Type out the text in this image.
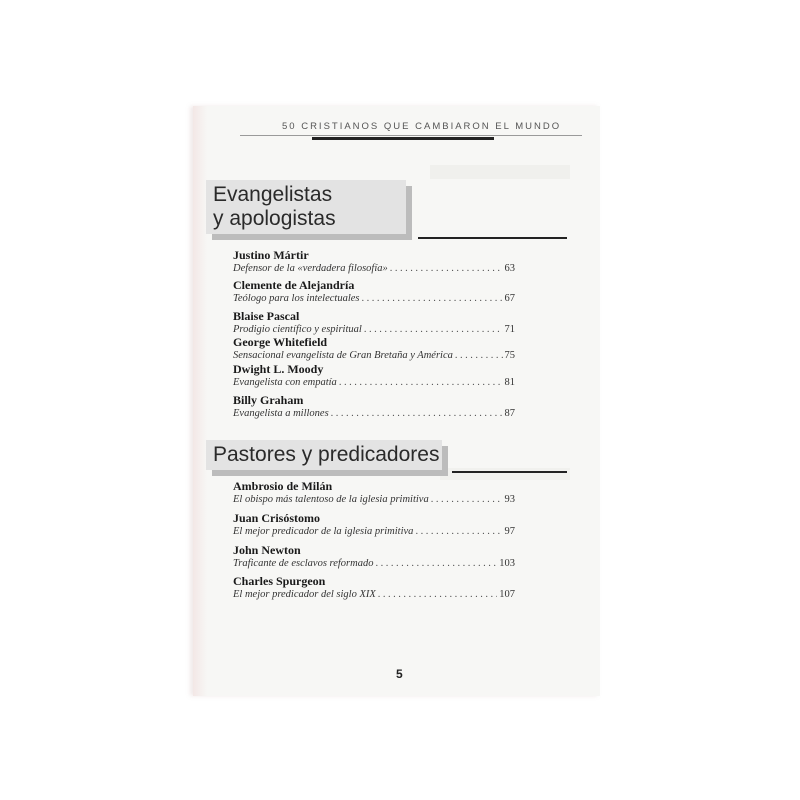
50 CRISTIANOS QUE CAMBIARON EL MUNDO
Evangelistas
y apologistas
Justino Mártir
Defensor de la «verdadera filosofía» .....	63
Clemente de Alejandría
Teólogo para los intelectuales .....	67
Blaise Pascal
Prodigio científico y espiritual .....	71
George Whitefield
Sensacional evangelista de Gran Bretaña y América .....	75
Dwight L. Moody
Evangelista con empatía .....	81
Billy Graham
Evangelista a millones .....	87
Pastores y predicadores
Ambrosio de Milán
El obispo más talentoso de la iglesia primitiva .....	93
Juan Crisóstomo
El mejor predicador de la iglesia primitiva .....	97
John Newton
Traficante de esclavos reformado .....	103
Charles Spurgeon
El mejor predicador del siglo XIX .....	107
5
